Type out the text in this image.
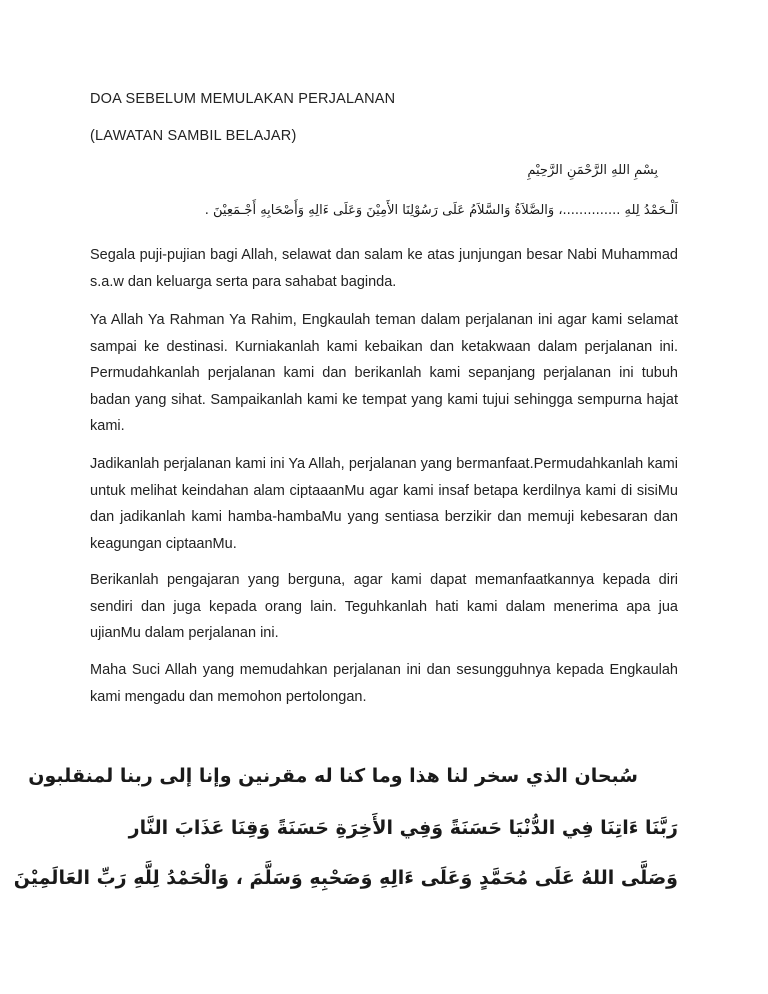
DOA SEBELUM MEMULAKAN PERJALANAN
(LAWATAN SAMBIL BELAJAR)
بِسْمِ اللهِ الرَّحْمَنِ الرَّحِيْمِ
اَلْـحَمْدُ لِلهِ ..............، وَالصَّلاَةُ وَالسَّلاَمُ عَلَى رَسُوْلِنَا الأَمِيْنَ وَعَلَى ءَالِهِ وَأَصْحَابِهِ أَجْـمَعِيْنَ .

Segala puji-pujian bagi Allah, selawat dan salam ke atas junjungan besar Nabi Muhammad s.a.w dan keluarga serta para sahabat baginda.

Ya Allah Ya Rahman Ya Rahim, Engkaulah teman dalam perjalanan ini agar kami selamat sampai ke destinasi. Kurniakanlah kami kebaikan dan ketakwaan dalam perjalanan ini. Permudahkanlah perjalanan kami dan berikanlah kami sepanjang perjalanan ini tubuh badan yang sihat. Sampaikanlah kami ke tempat yang kami tujui sehingga sempurna hajat kami.

Jadikanlah perjalanan kami ini Ya Allah, perjalanan yang bermanfaat.Permudahkanlah kami untuk melihat keindahan alam ciptaaanMu agar kami insaf betapa kerdilnya kami di sisiMu dan jadikanlah kami hamba-hambaMu yang sentiasa berzikir dan memuji kebesaran dan keagungan ciptaanMu.

Berikanlah pengajaran yang berguna, agar kami dapat memanfaatkannya kepada diri sendiri dan juga kepada orang lain. Teguhkanlah hati kami dalam menerima apa jua ujianMu dalam perjalanan ini.

Maha Suci Allah yang memudahkan perjalanan ini dan sesungguhnya kepada Engkaulah kami mengadu dan memohon pertolongan.

سُبحان الذي سخر لنا هذا وما كنا له مقرنين وإنا إلى ربنا لمنقلبون
رَبَّنَا ءَاتِنَا فِي الدُّنْيَا حَسَنَةً وَفِي الأَخِرَةِ حَسَنَةً وَقِنَا عَذَابَ النَّار
وَصَلَّى اللهُ عَلَى مُحَمَّدٍ وَعَلَى ءَالِهِ وَصَحْبِهِ وَسَلَّمَ ، وَالْحَمْدُ لِلَّهِ رَبِّ العَالَمِيْنَ
